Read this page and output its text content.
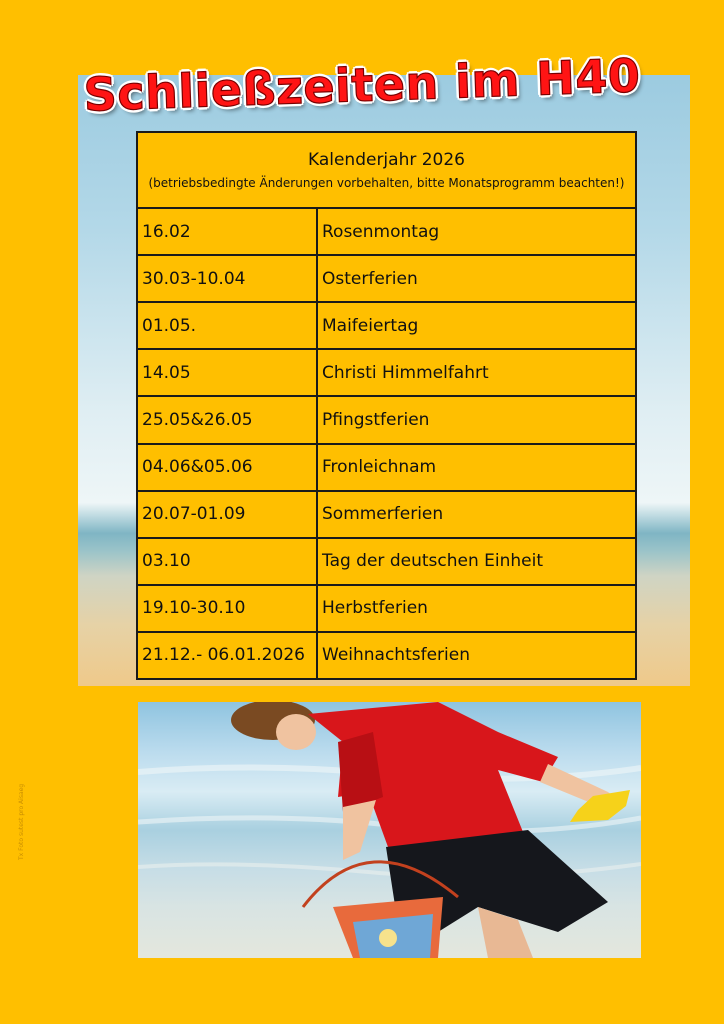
Schließzeiten im H40
Kalenderjahr 2026
(betriebsbedingte Änderungen vorbehalten, bitte Monatsprogramm beachten!)	

16.02	Rosenmontag
30.03-10.04	Osterferien
01.05.	Maifeiertag
14.05	Christi Himmelfahrt
25.05&26.05	Pfingstferien
04.06&05.06	Fronleichnam
20.07-01.09	Sommerferien
03.10	Tag der deutschen Einheit
19.10-30.10	Herbstferien
21.12.- 06.01.2026	Weihnachtsferien
Tx Foto sutest pro Aisaeg
